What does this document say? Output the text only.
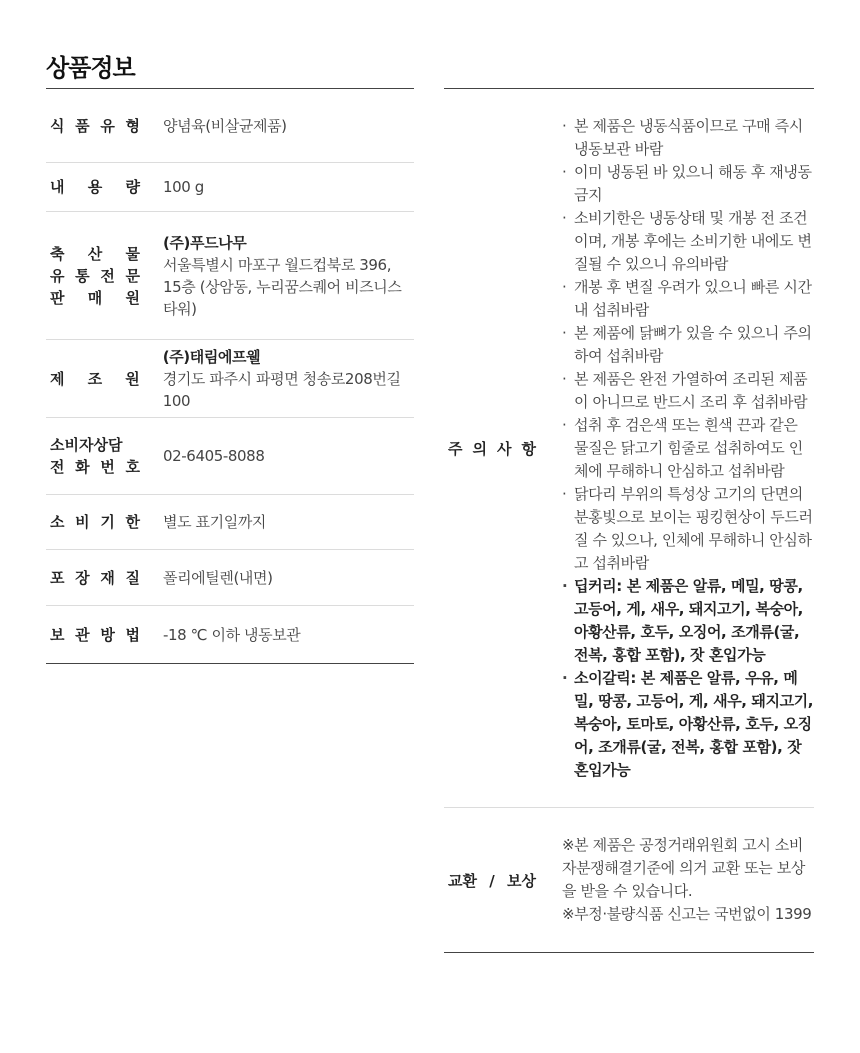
상품정보
식 품 유 형 양념육(비살균제품)
내 용 량 100 g
축 산 물
유 통 전 문
판 매 원
(주)푸드나무
서울특별시 마포구 월드컵북로 396, 15층 (상암동, 누리꿈스퀘어 비즈니스 타워)
제 조 원
(주)태림에프웰
경기도 파주시 파평면 청송로208번길 100
소비자상담
전 화 번 호
02-6405-8088
소 비 기 한 별도 표기일까지
포 장 재 질 폴리에틸렌(내면)
보 관 방 법 -18 ℃ 이하 냉동보관
주 의 사 항
· 본 제품은 냉동식품이므로 구매 즉시 냉동보관 바람
· 이미 냉동된 바 있으니 해동 후 재냉동 금지
· 소비기한은 냉동상태 및 개봉 전 조건이며, 개봉 후에는 소비기한 내에도 변질될 수 있으니 유의바람
· 개봉 후 변질 우려가 있으니 빠른 시간 내 섭취바람
· 본 제품에 닭뼈가 있을 수 있으니 주의하여 섭취바람
· 본 제품은 완전 가열하여 조리된 제품이 아니므로 반드시 조리 후 섭취바람
· 섭취 후 검은색 또는 흰색 끈과 같은 물질은 닭고기 힘줄로 섭취하여도 인체에 무해하니 안심하고 섭취바람
· 닭다리 부위의 특성상 고기의 단면의 분홍빛으로 보이는 핑킹현상이 두드러질 수 있으나, 인체에 무해하니 안심하고 섭취바람
· 딥커리: 본 제품은 알류, 메밀, 땅콩, 고등어, 게, 새우, 돼지고기, 복숭아, 아황산류, 호두, 오징어, 조개류(굴, 전복, 홍합 포함), 잣 혼입가능
· 소이갈릭: 본 제품은 알류, 우유, 메밀, 땅콩, 고등어, 게, 새우, 돼지고기, 복숭아, 토마토, 아황산류, 호두, 오징어, 조개류(굴, 전복, 홍합 포함), 잣 혼입가능
교환 / 보상

※본 제품은 공정거래위원회 고시 소비자분쟁해결기준에 의거 교환 또는 보상을 받을 수 있습니다.

※부정·불량식품 신고는 국번없이 1399
